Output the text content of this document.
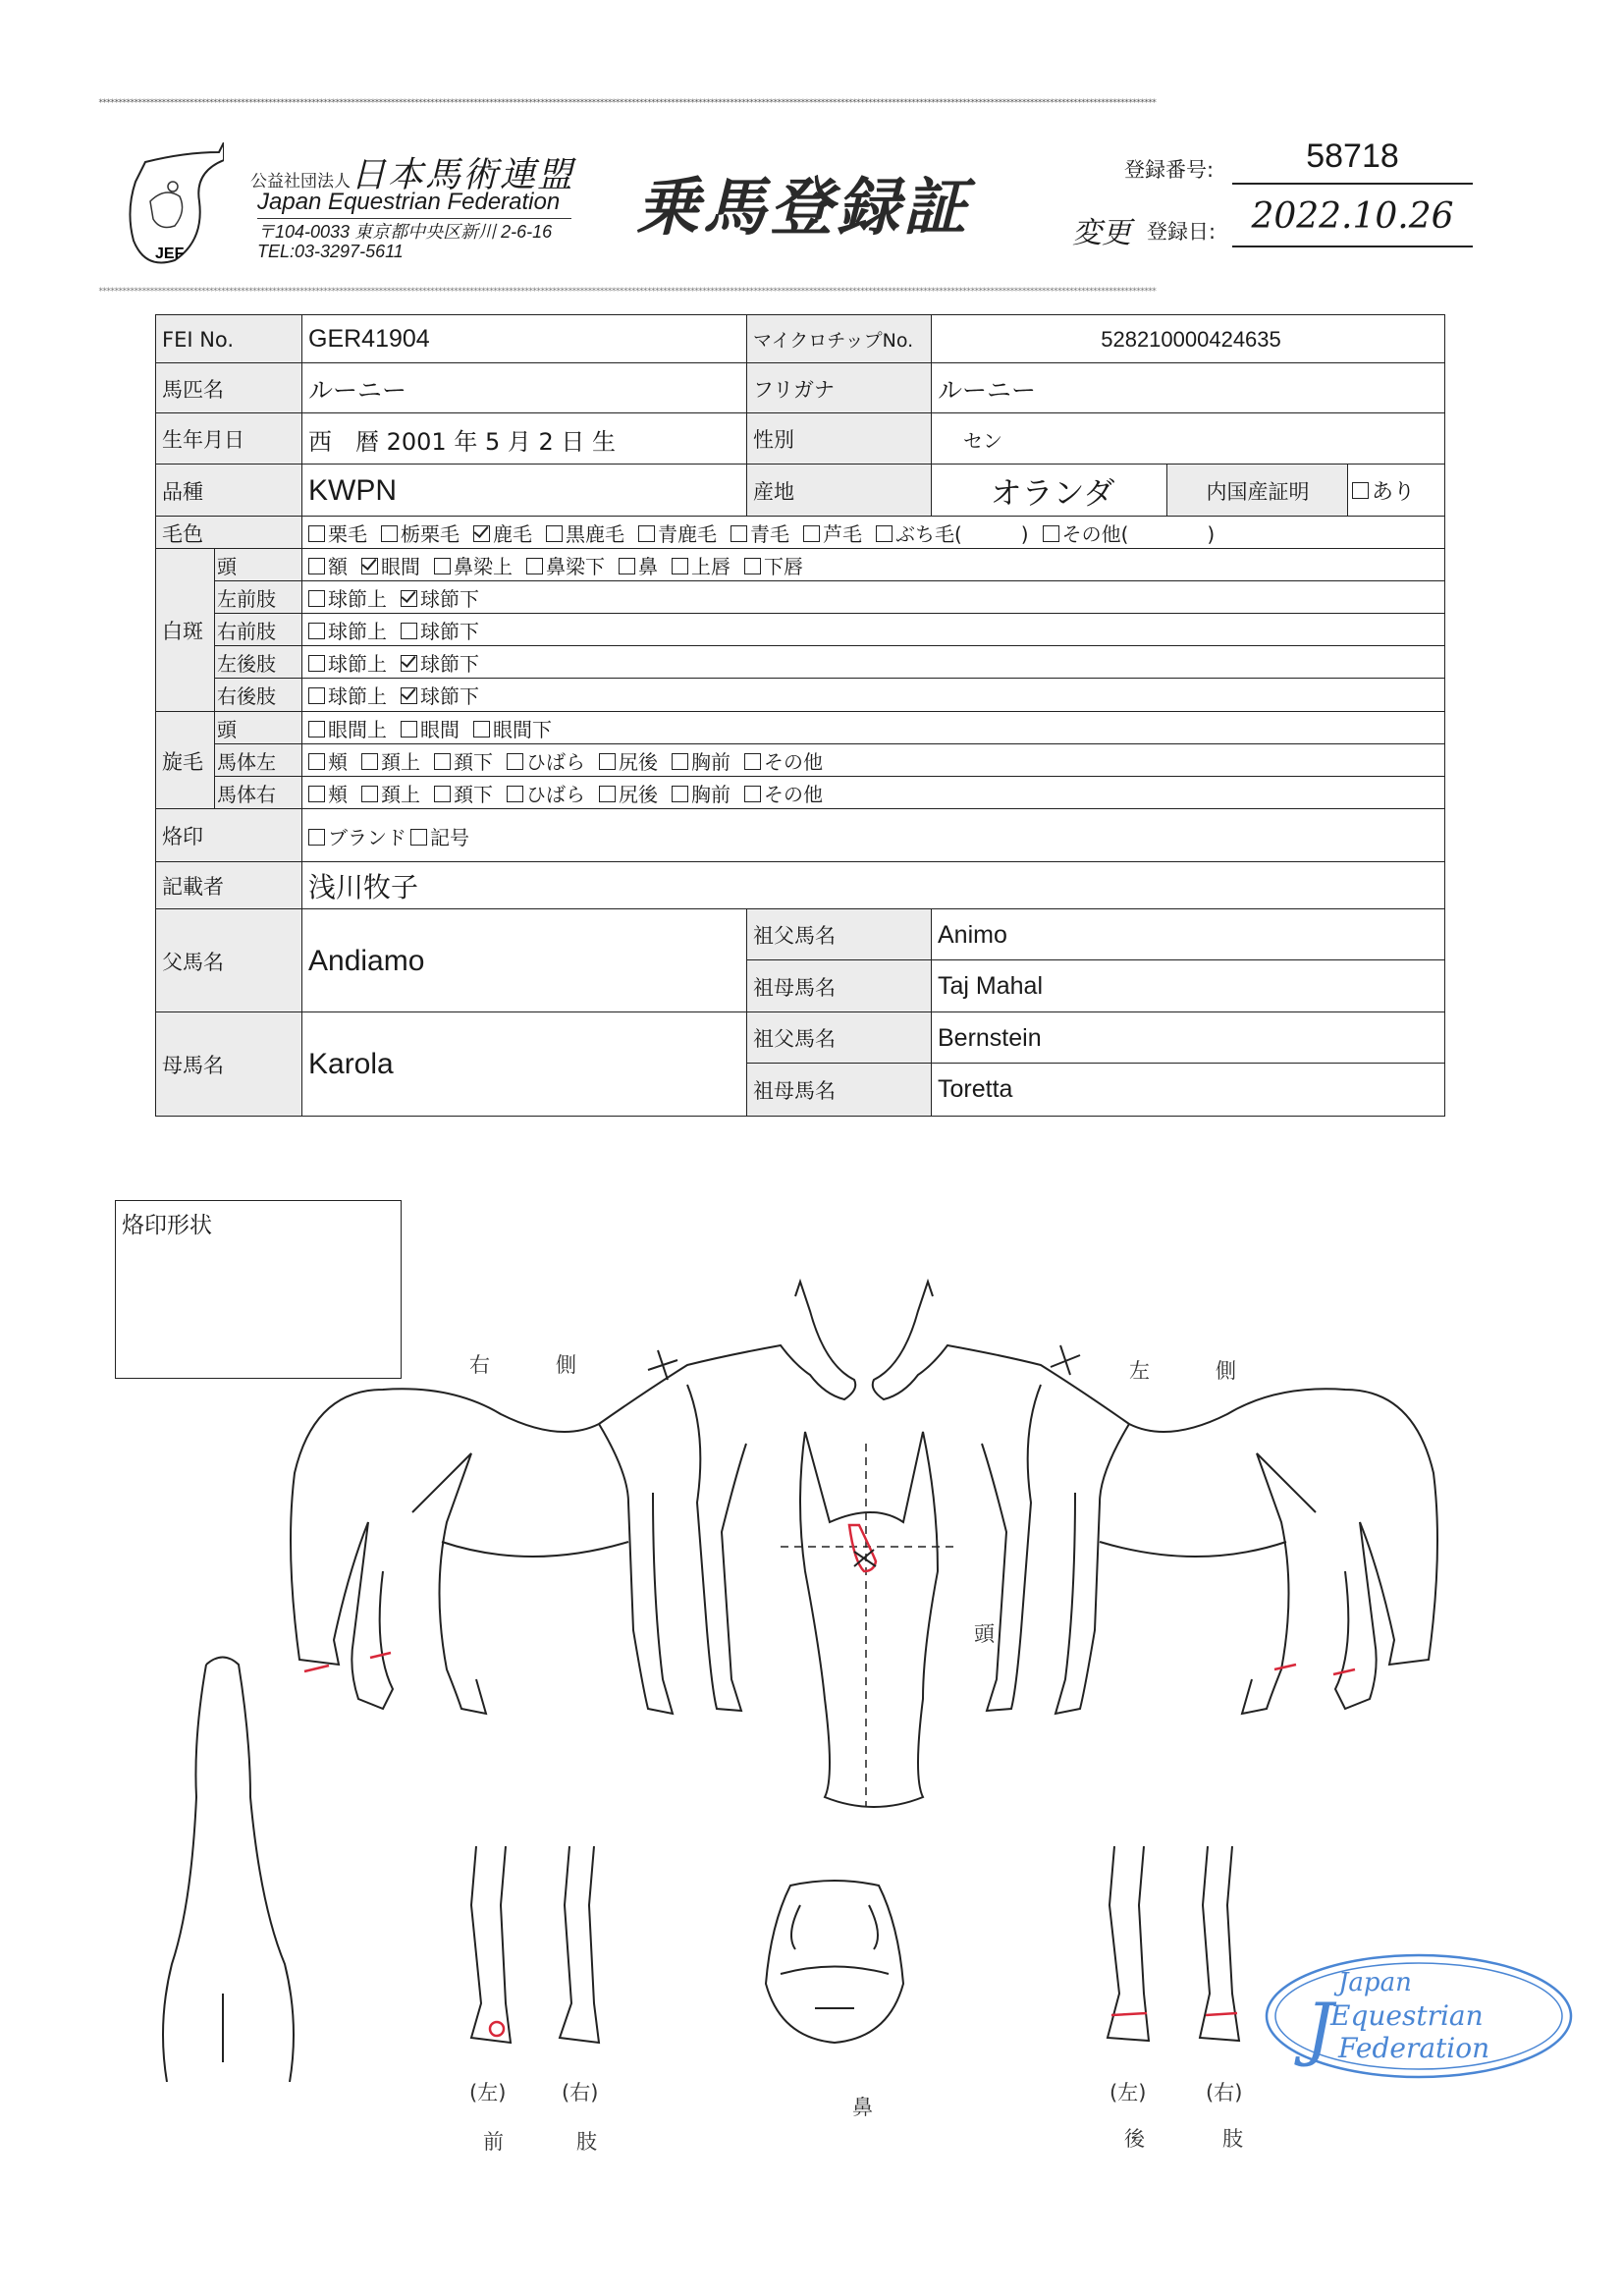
****************************************************************************************************************************************************************************************************************************************************************************
JEF
公益社団法人日本馬術連盟
Japan Equestrian Federation
〒104-0033 東京都中央区新川 2-6-16
TEL:03-3297-5611
乗馬登録証
登録番号:	58718
変更 登録日:	2022.10.26
****************************************************************************************************************************************************************************************************************************************************************************
FEI No.	GER41904	マイクロチップNo.	528210000424635
馬匹名	ルーニー	フリガナ	ルーニー
生年月日	西　暦 2001 年 5 月 2 日 生	性別	セン
品種	KWPN	産地	オランダ	内国産証明	あり
毛色	栗毛	栃栗毛	鹿毛	黒鹿毛	青鹿毛	青毛	芦毛	ぶち毛(　　　)	その他(　　　　)
白斑
頭	額	眼間	鼻梁上	鼻梁下	鼻	上唇	下唇
左前肢	球節上	球節下
右前肢	球節上	球節下
左後肢	球節上	球節下
右後肢	球節上	球節下
旋毛
頭	眼間上	眼間	眼間下
馬体左	頬	頚上	頚下	ひばら	尻後	胸前	その他
馬体右	頬	頚上	頚下	ひばら	尻後	胸前	その他
烙印	ブランド	記号
記載者	浅川牧子
父馬名	Andiamo
祖父馬名	Animo
祖母馬名	Taj Mahal
母馬名	Karola
祖父馬名	Bernstein
祖母馬名	Toretta
烙印形状
右	側	左	側
頭
(左)	(右)
前	肢
鼻
(左)	(右)
後	肢
J
Japan
Equestrian
Federation
